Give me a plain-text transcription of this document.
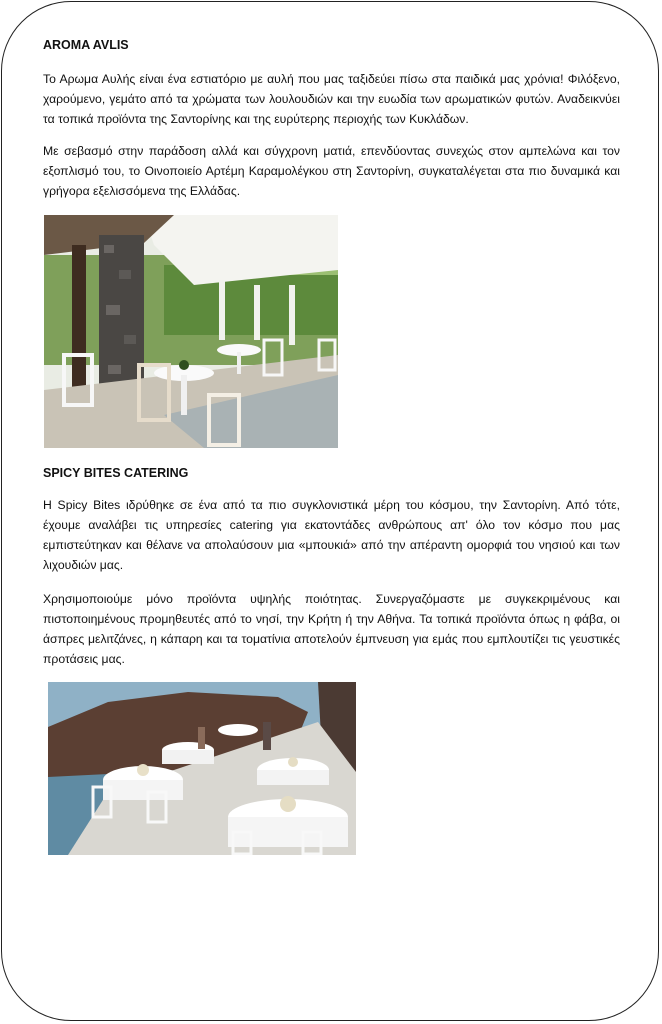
AROMA AVLIS

Το Αρωμα Αυλής είναι ένα εστιατόριο με αυλή που μας ταξιδεύει πίσω στα παιδικά μας χρόνια! Φιλόξενο, χαρούμενο, γεμάτο από τα χρώματα των λουλουδιών και την ευωδία των αρωματικών φυτών. Αναδεικνύει τα τοπικά προϊόντα της Σαντορίνης και της ευρύτερης περιοχής των Κυκλάδων.

Με σεβασμό στην παράδοση αλλά και σύγχρονη ματιά, επενδύοντας συνεχώς στον αμπελώνα και τον εξοπλισμό του, το Οινοποιείο Αρτέμη Καραμολέγκου στη Σαντορίνη, συγκαταλέγεται στα πιο δυναμικά και γρήγορα εξελισσόμενα της Ελλάδας.

SPICY BITES CATERING

Η Spicy Bites ιδρύθηκε σε ένα από τα πιο συγκλονιστικά μέρη του κόσμου, την Σαντορίνη. Από τότε, έχουμε αναλάβει τις υπηρεσίες catering για εκατοντάδες ανθρώπους απ' όλο τον κόσμο που μας εμπιστεύτηκαν και θέλανε να απολαύσουν μια «μπουκιά» από την απέραντη ομορφιά του νησιού και των λιχουδιών μας.

Χρησιμοποιούμε μόνο προϊόντα υψηλής ποιότητας. Συνεργαζόμαστε με συγκεκριμένους και πιστοποιημένους προμηθευτές από το νησί, την Κρήτη ή την Αθήνα. Τα τοπικά προϊόντα όπως η φάβα, οι άσπρες μελιτζάνες, η κάπαρη και τα τοματίνια αποτελούν έμπνευση για εμάς που εμπλουτίζει τις γευστικές προτάσεις μας.
